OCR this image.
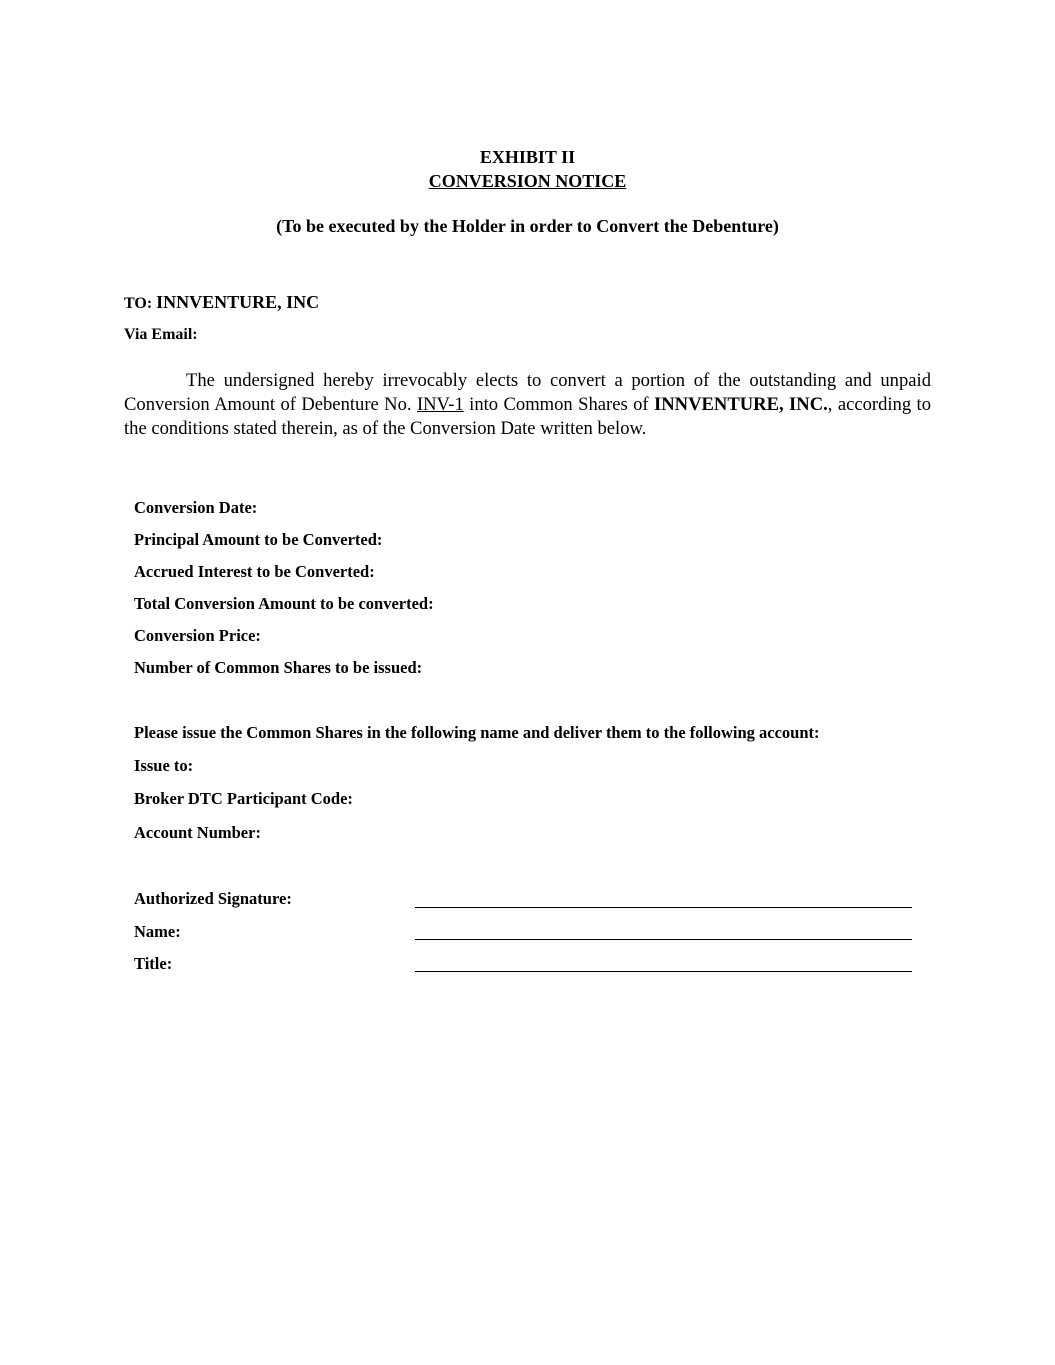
EXHIBIT II
CONVERSION NOTICE
(To be executed by the Holder in order to Convert the Debenture)
TO: INNVENTURE, INC
Via Email:
The undersigned hereby irrevocably elects to convert a portion of the outstanding and unpaid Conversion Amount of Debenture No. INV-1 into Common Shares of INNVENTURE, INC., according to the conditions stated therein, as of the Conversion Date written below.
Conversion Date:
Principal Amount to be Converted:
Accrued Interest to be Converted:
Total Conversion Amount to be converted:
Conversion Price:
Number of Common Shares to be issued:
Please issue the Common Shares in the following name and deliver them to the following account:
Issue to:
Broker DTC Participant Code:
Account Number:
Authorized Signature:
Name:
Title:
